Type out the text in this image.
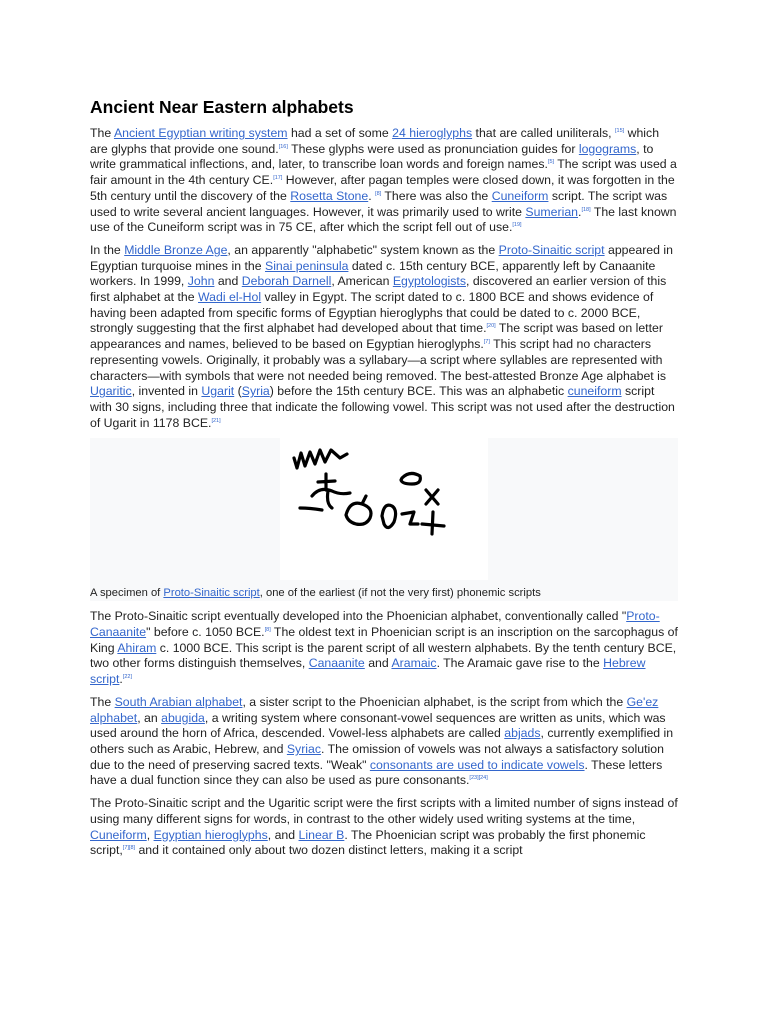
Ancient Near Eastern alphabets

The Ancient Egyptian writing system had a set of some 24 hieroglyphs that are called uniliterals, [15] which are glyphs that provide one sound.[16] These glyphs were used as pronunciation guides for logograms, to write grammatical inflections, and, later, to transcribe loan words and foreign names.[5] The script was used a fair amount in the 4th century CE.[17] However, after pagan temples were closed down, it was forgotten in the 5th century until the discovery of the Rosetta Stone. [8] There was also the Cuneiform script. The script was used to write several ancient languages. However, it was primarily used to write Sumerian.[18] The last known use of the Cuneiform script was in 75 CE, after which the script fell out of use.[19]

In the Middle Bronze Age, an apparently "alphabetic" system known as the Proto-Sinaitic script appeared in Egyptian turquoise mines in the Sinai peninsula dated c. 15th century BCE, apparently left by Canaanite workers. In 1999, John and Deborah Darnell, American Egyptologists, discovered an earlier version of this first alphabet at the Wadi el-Hol valley in Egypt. The script dated to c. 1800 BCE and shows evidence of having been adapted from specific forms of Egyptian hieroglyphs that could be dated to c. 2000 BCE, strongly suggesting that the first alphabet had developed about that time.[20] The script was based on letter appearances and names, believed to be based on Egyptian hieroglyphs.[7] This script had no characters representing vowels. Originally, it probably was a syllabary—a script where syllables are represented with characters—with symbols that were not needed being removed. The best-attested Bronze Age alphabet is Ugaritic, invented in Ugarit (Syria) before the 15th century BCE. This was an alphabetic cuneiform script with 30 signs, including three that indicate the following vowel. This script was not used after the destruction of Ugarit in 1178 BCE.[21]

A specimen of Proto-Sinaitic script, one of the earliest (if not the very first) phonemic scripts

The Proto-Sinaitic script eventually developed into the Phoenician alphabet, conventionally called "Proto-Canaanite" before c. 1050 BCE.[8] The oldest text in Phoenician script is an inscription on the sarcophagus of King Ahiram c. 1000 BCE. This script is the parent script of all western alphabets. By the tenth century BCE, two other forms distinguish themselves, Canaanite and Aramaic. The Aramaic gave rise to the Hebrew script.[22]

The South Arabian alphabet, a sister script to the Phoenician alphabet, is the script from which the Ge'ez alphabet, an abugida, a writing system where consonant-vowel sequences are written as units, which was used around the horn of Africa, descended. Vowel-less alphabets are called abjads, currently exemplified in others such as Arabic, Hebrew, and Syriac. The omission of vowels was not always a satisfactory solution due to the need of preserving sacred texts. "Weak" consonants are used to indicate vowels. These letters have a dual function since they can also be used as pure consonants.[23][24]

The Proto-Sinaitic script and the Ugaritic script were the first scripts with a limited number of signs instead of using many different signs for words, in contrast to the other widely used writing systems at the time, Cuneiform, Egyptian hieroglyphs, and Linear B. The Phoenician script was probably the first phonemic script,[7][8] and it contained only about two dozen distinct letters, making it a script
